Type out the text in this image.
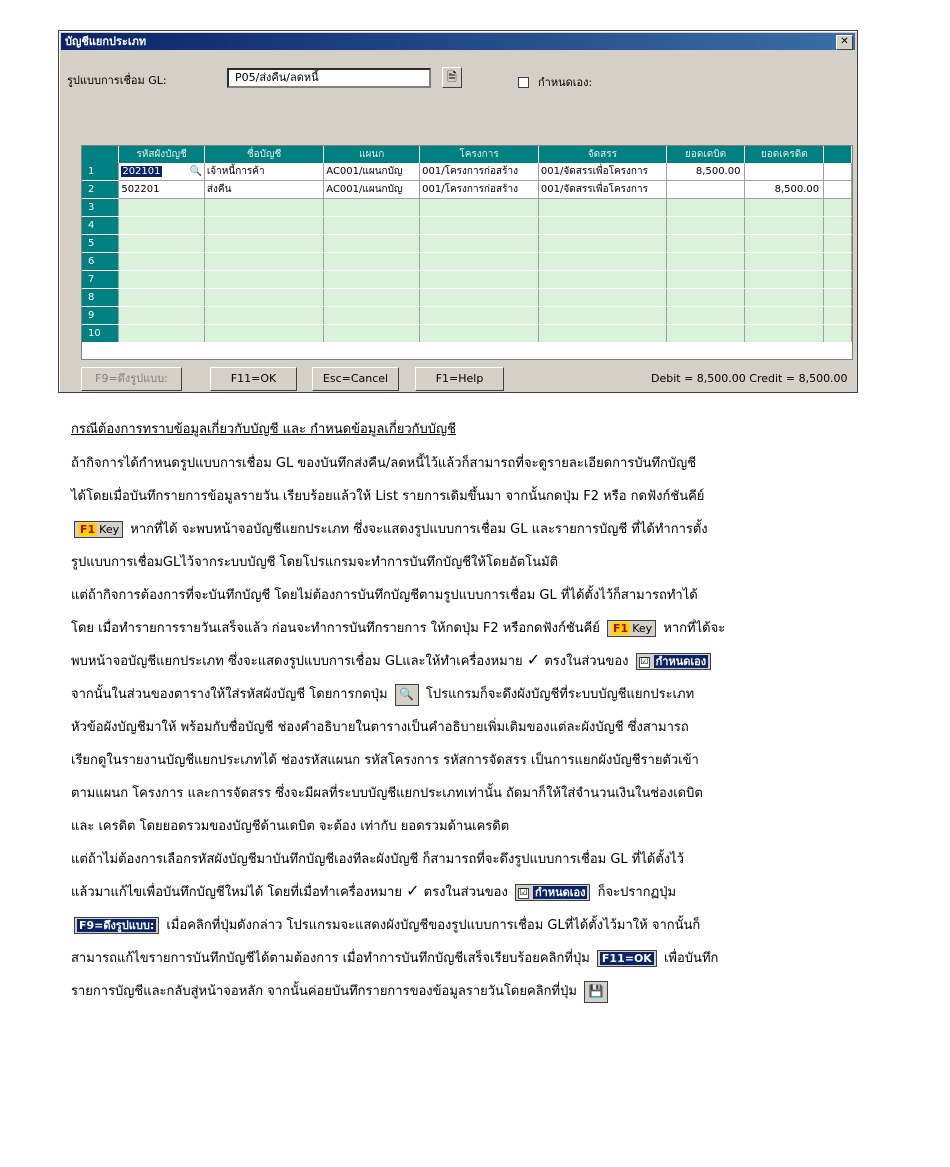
บัญชีแยกประเภท	✕
รูปแบบการเชื่อม GL:	P05/ส่งคืน/ลดหนี้	🗎	กำหนดเอง:
	รหัสผังบัญชี	ชื่อบัญชี	แผนก	โครงการ	จัดสรร	ยอดเดบิต	ยอดเครดิต	
1	202101 🔍	เจ้าหนี้การค้า	AC001/แผนกบัญ	001/โครงการก่อสร้าง	001/จัดสรรเพื่อโครงการ	8,500.00		
2	502201	ส่งคืน	AC001/แผนกบัญ	001/โครงการก่อสร้าง	001/จัดสรรเพื่อโครงการ		8,500.00	
3								
4								
5								
6								
7								
8								
9								
10								
F9=ดึงรูปแบบ:	F11=OK	Esc=Cancel	F1=Help	Debit = 8,500.00 Credit = 8,500.00
กรณีต้องการทราบข้อมูลเกี่ยวกับบัญชี และ กำหนดข้อมูลเกี่ยวกับบัญชี
ถ้ากิจการได้กำหนดรูปแบบการเชื่อม GL ของบันทึกส่งคืน/ลดหนี้ไว้แล้วก็สามารถที่จะดูรายละเอียดการบันทึกบัญชี
ได้โดยเมื่อบันทึกรายการข้อมูลรายวัน เรียบร้อยแล้วให้ List รายการเดิมขึ้นมา จากนั้นกดปุ่ม F2 หรือ กดฟังก์ชันคีย์
F1 Key หากที่ได้ จะพบหน้าจอบัญชีแยกประเภท ซึ่งจะแสดงรูปแบบการเชื่อม GL และรายการบัญชี ที่ได้ทำการตั้ง
รูปแบบการเชื่อมGLไว้จากระบบบัญชี โดยโปรแกรมจะทำการบันทึกบัญชีให้โดยอัตโนมัติ
แต่ถ้ากิจการต้องการที่จะบันทึกบัญชี โดยไม่ต้องการบันทึกบัญชีตามรูปแบบการเชื่อม GL ที่ได้ตั้งไว้ก็สามารถทำได้
โดย เมื่อทำรายการรายวันเสร็จแล้ว ก่อนจะทำการบันทึกรายการ ให้กดปุ่ม F2 หรือกดฟังก์ชันคีย์ F1 Key หากที่ได้จะ
พบหน้าจอบัญชีแยกประเภท ซึ่งจะแสดงรูปแบบการเชื่อม GLและให้ทำเครื่องหมาย ✓ ตรงในส่วนของ ☑ กำหนดเอง
จากนั้นในส่วนของตารางให้ใส่รหัสผังบัญชี โดยการกดปุ่ม 🔍 โปรแกรมก็จะดึงผังบัญชีที่ระบบบัญชีแยกประเภท
หัวข้อผังบัญชีมาให้ พร้อมกับชื่อบัญชี ช่องคำอธิบายในตารางเป็นคำอธิบายเพิ่มเติมของแต่ละผังบัญชี ซึ่งสามารถ
เรียกดูในรายงานบัญชีแยกประเภทได้ ช่องรหัสแผนก รหัสโครงการ รหัสการจัดสรร เป็นการแยกผังบัญชีรายตัวเข้า
ตามแผนก โครงการ และการจัดสรร ซึ่งจะมีผลที่ระบบบัญชีแยกประเภทเท่านั้น ถัดมาก็ให้ใส่จำนวนเงินในช่องเดบิต
และ เครดิต โดยยอดรวมของบัญชีด้านเดบิต จะต้อง เท่ากับ ยอดรวมด้านเครดิต
แต่ถ้าไม่ต้องการเลือกรหัสผังบัญชีมาบันทึกบัญชีเองทีละผังบัญชี ก็สามารถที่จะดึงรูปแบบการเชื่อม GL ที่ได้ตั้งไว้
แล้วมาแก้ไขเพื่อบันทึกบัญชีใหม่ได้ โดยที่เมื่อทำเครื่องหมาย ✓ ตรงในส่วนของ ☑ กำหนดเอง ก็จะปรากฏปุ่ม
F9=ดึงรูปแบบ: เมื่อคลิกที่ปุ่มดังกล่าว โปรแกรมจะแสดงผังบัญชีของรูปแบบการเชื่อม GLที่ได้ตั้งไว้มาให้ จากนั้นก็
สามารถแก้ไขรายการบันทึกบัญชีได้ตามต้องการ เมื่อทำการบันทึกบัญชีเสร็จเรียบร้อยคลิกที่ปุ่ม F11=OK เพื่อบันทึก
รายการบัญชีและกลับสู่หน้าจอหลัก จากนั้นค่อยบันทึกรายการของข้อมูลรายวันโดยคลิกที่ปุ่ม 💾
